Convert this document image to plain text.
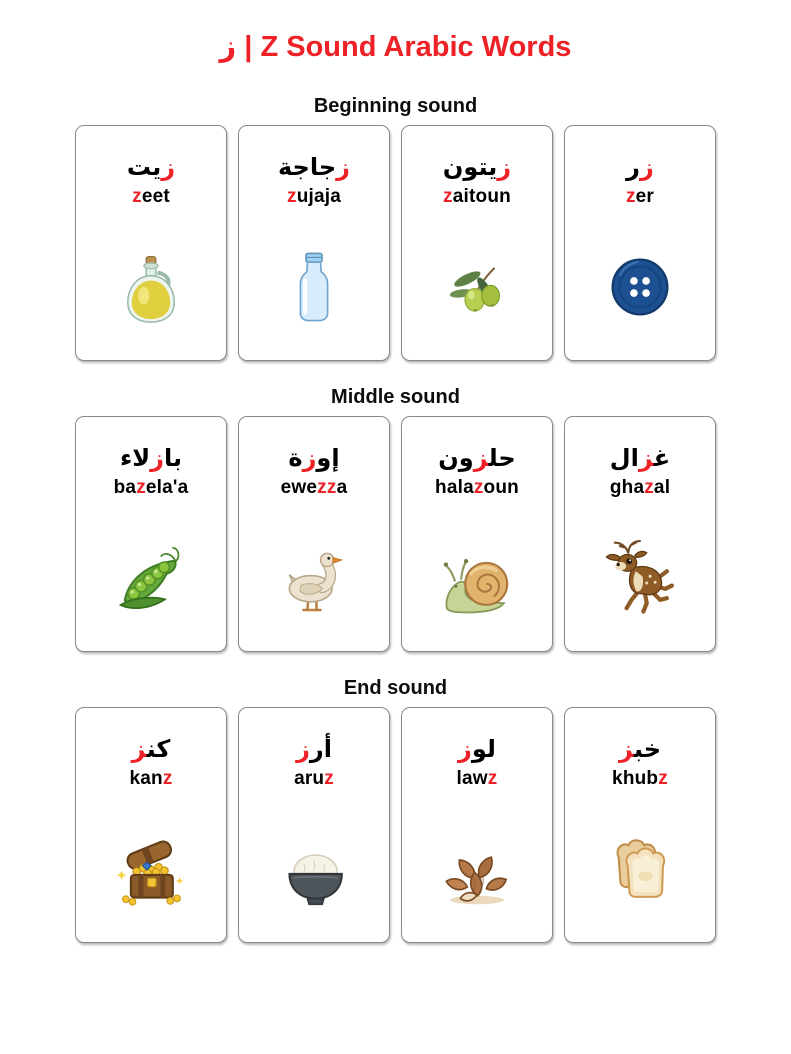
ز | Z Sound Arabic Words
Beginning sound
زيت
zeet
زجاجة
zujaja
زيتون
zaitoun
زر
zer
Middle sound
بازلاء
bazela'a
إوزة
ewezza
حل‍‍زون
halazoun
غ‍‍زال
ghazal
End sound
كن‍‍ز
kanz
أرز
aruz
لوز
lawz
خب‍‍ز
khubz
